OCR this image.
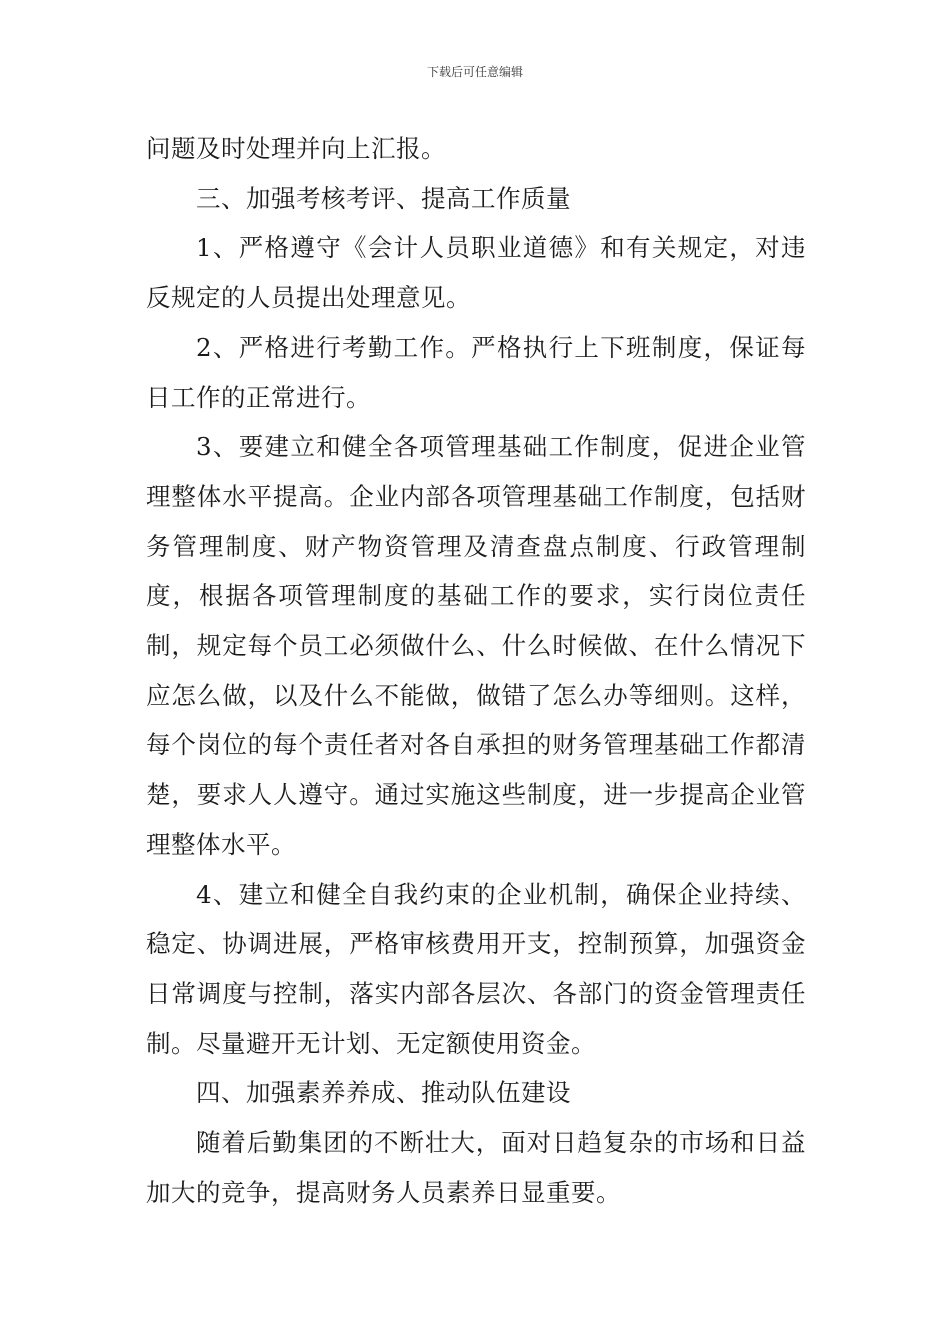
下载后可任意编辑

问题及时处理并向上汇报。

三、加强考核考评、提高工作质量

1、严格遵守《会计人员职业道德》和有关规定，对违反规定的人员提出处理意见。

2、严格进行考勤工作。严格执行上下班制度，保证每日工作的正常进行。

3、要建立和健全各项管理基础工作制度，促进企业管理整体水平提高。企业内部各项管理基础工作制度，包括财务管理制度、财产物资管理及清查盘点制度、行政管理制度，根据各项管理制度的基础工作的要求，实行岗位责任制，规定每个员工必须做什么、什么时候做、在什么情况下应怎么做，以及什么不能做，做错了怎么办等细则。这样，每个岗位的每个责任者对各自承担的财务管理基础工作都清楚，要求人人遵守。通过实施这些制度，进一步提高企业管理整体水平。

4、建立和健全自我约束的企业机制，确保企业持续、稳定、协调进展，严格审核费用开支，控制预算，加强资金日常调度与控制，落实内部各层次、各部门的资金管理责任制。尽量避开无计划、无定额使用资金。

四、加强素养养成、推动队伍建设

随着后勤集团的不断壮大，面对日趋复杂的市场和日益加大的竞争，提高财务人员素养日显重要。
